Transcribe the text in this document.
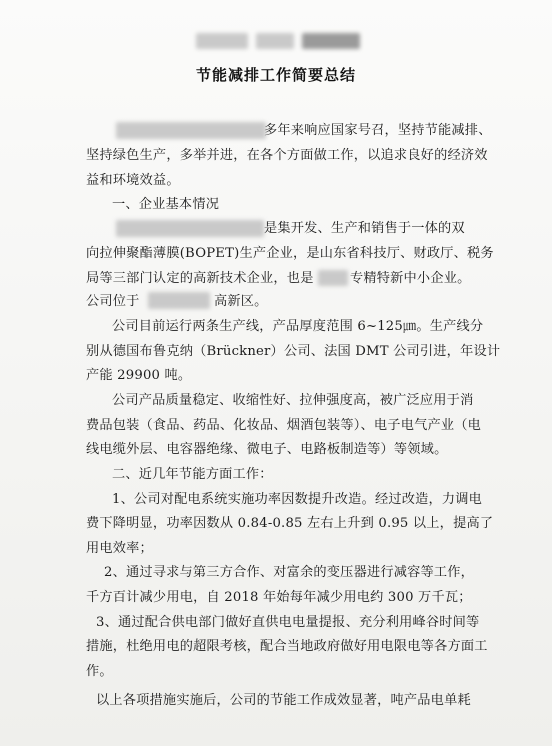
节能减排工作简要总结
多年来响应国家号召，坚持节能减排、
坚持绿色生产，多举并进，在各个方面做工作，以追求良好的经济效
益和环境效益。
一、企业基本情况
是集开发、生产和销售于一体的双
向拉伸聚酯薄膜(BOPET)生产企业，是山东省科技厅、财政厅、税务
局等三部门认定的高新技术企业，也是	专精特新中小企业。
公司位于	高新区。
公司目前运行两条生产线，产品厚度范围 6~125㎛。生产线分
别从德国布鲁克纳（Brückner）公司、法国 DMT 公司引进，年设计
产能 29900 吨。
公司产品质量稳定、收缩性好、拉伸强度高，被广泛应用于消
费品包装（食品、药品、化妆品、烟酒包装等）、电子电气产业（电
线电缆外层、电容器绝缘、微电子、电路板制造等）等领域。
二、近几年节能方面工作：
1、公司对配电系统实施功率因数提升改造。经过改造，力调电
费下降明显，功率因数从 0.84-0.85 左右上升到 0.95 以上，提高了
用电效率；
2、通过寻求与第三方合作、对富余的变压器进行减容等工作，
千方百计减少用电，自 2018 年始每年减少用电约 300 万千瓦；
3、通过配合供电部门做好直供电电量提报、充分利用峰谷时间等
措施，杜绝用电的超限考核，配合当地政府做好用电限电等各方面工
作。
以上各项措施实施后，公司的节能工作成效显著，吨产品电单耗
